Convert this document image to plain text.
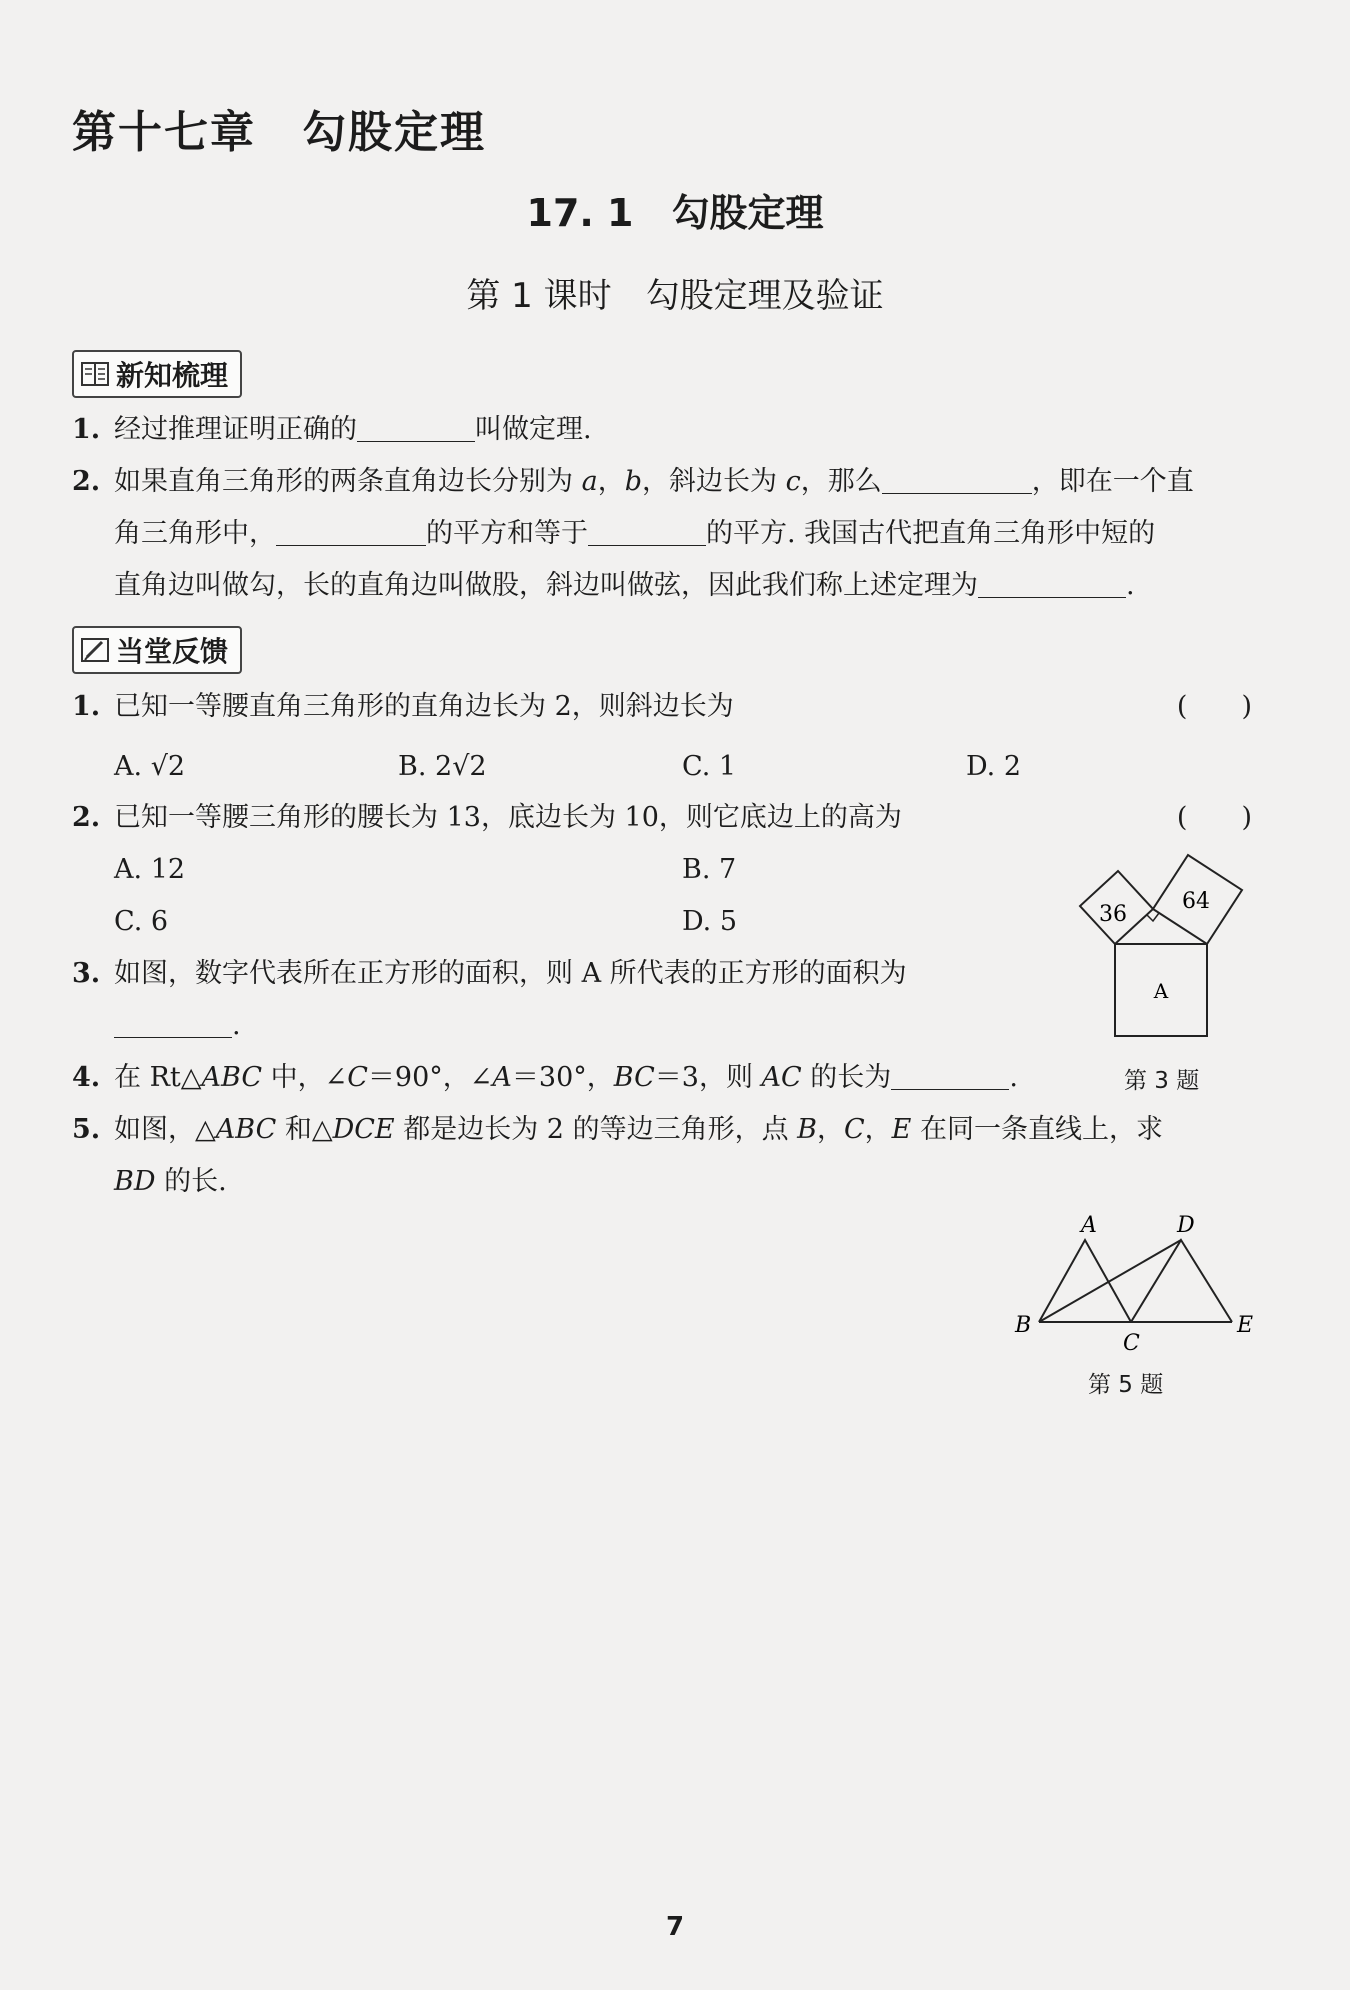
第十七章　勾股定理
17. 1　勾股定理
第 1 课时　勾股定理及验证
新知梳理
1. 经过推理证明正确的	叫做定理.
2. 如果直角三角形的两条直角边长分别为 a，b，斜边长为 c，那么	，即在一个直
角三角形中，	的平方和等于	的平方. 我国古代把直角三角形中短的
直角边叫做勾，长的直角边叫做股，斜边叫做弦，因此我们称上述定理为	.
当堂反馈
1. 已知一等腰直角三角形的直角边长为 2，则斜边长为	(　　)
A. √2	B. 2√2	C. 1	D. 2
2. 已知一等腰三角形的腰长为 13，底边长为 10，则它底边上的高为	(　　)
A. 12	B. 7
C. 6	D. 5
3. 如图，数字代表所在正方形的面积，则 A 所代表的正方形的面积为
.
4. 在 Rt△ABC 中，∠C＝90°，∠A＝30°，BC＝3，则 AC 的长为	.
5. 如图，△ABC 和△DCE 都是边长为 2 的等边三角形，点 B，C，E 在同一条直线上，求
BD 的长.
36
64
A
第 3 题
A	D
B
C
E
第 5 题
7
